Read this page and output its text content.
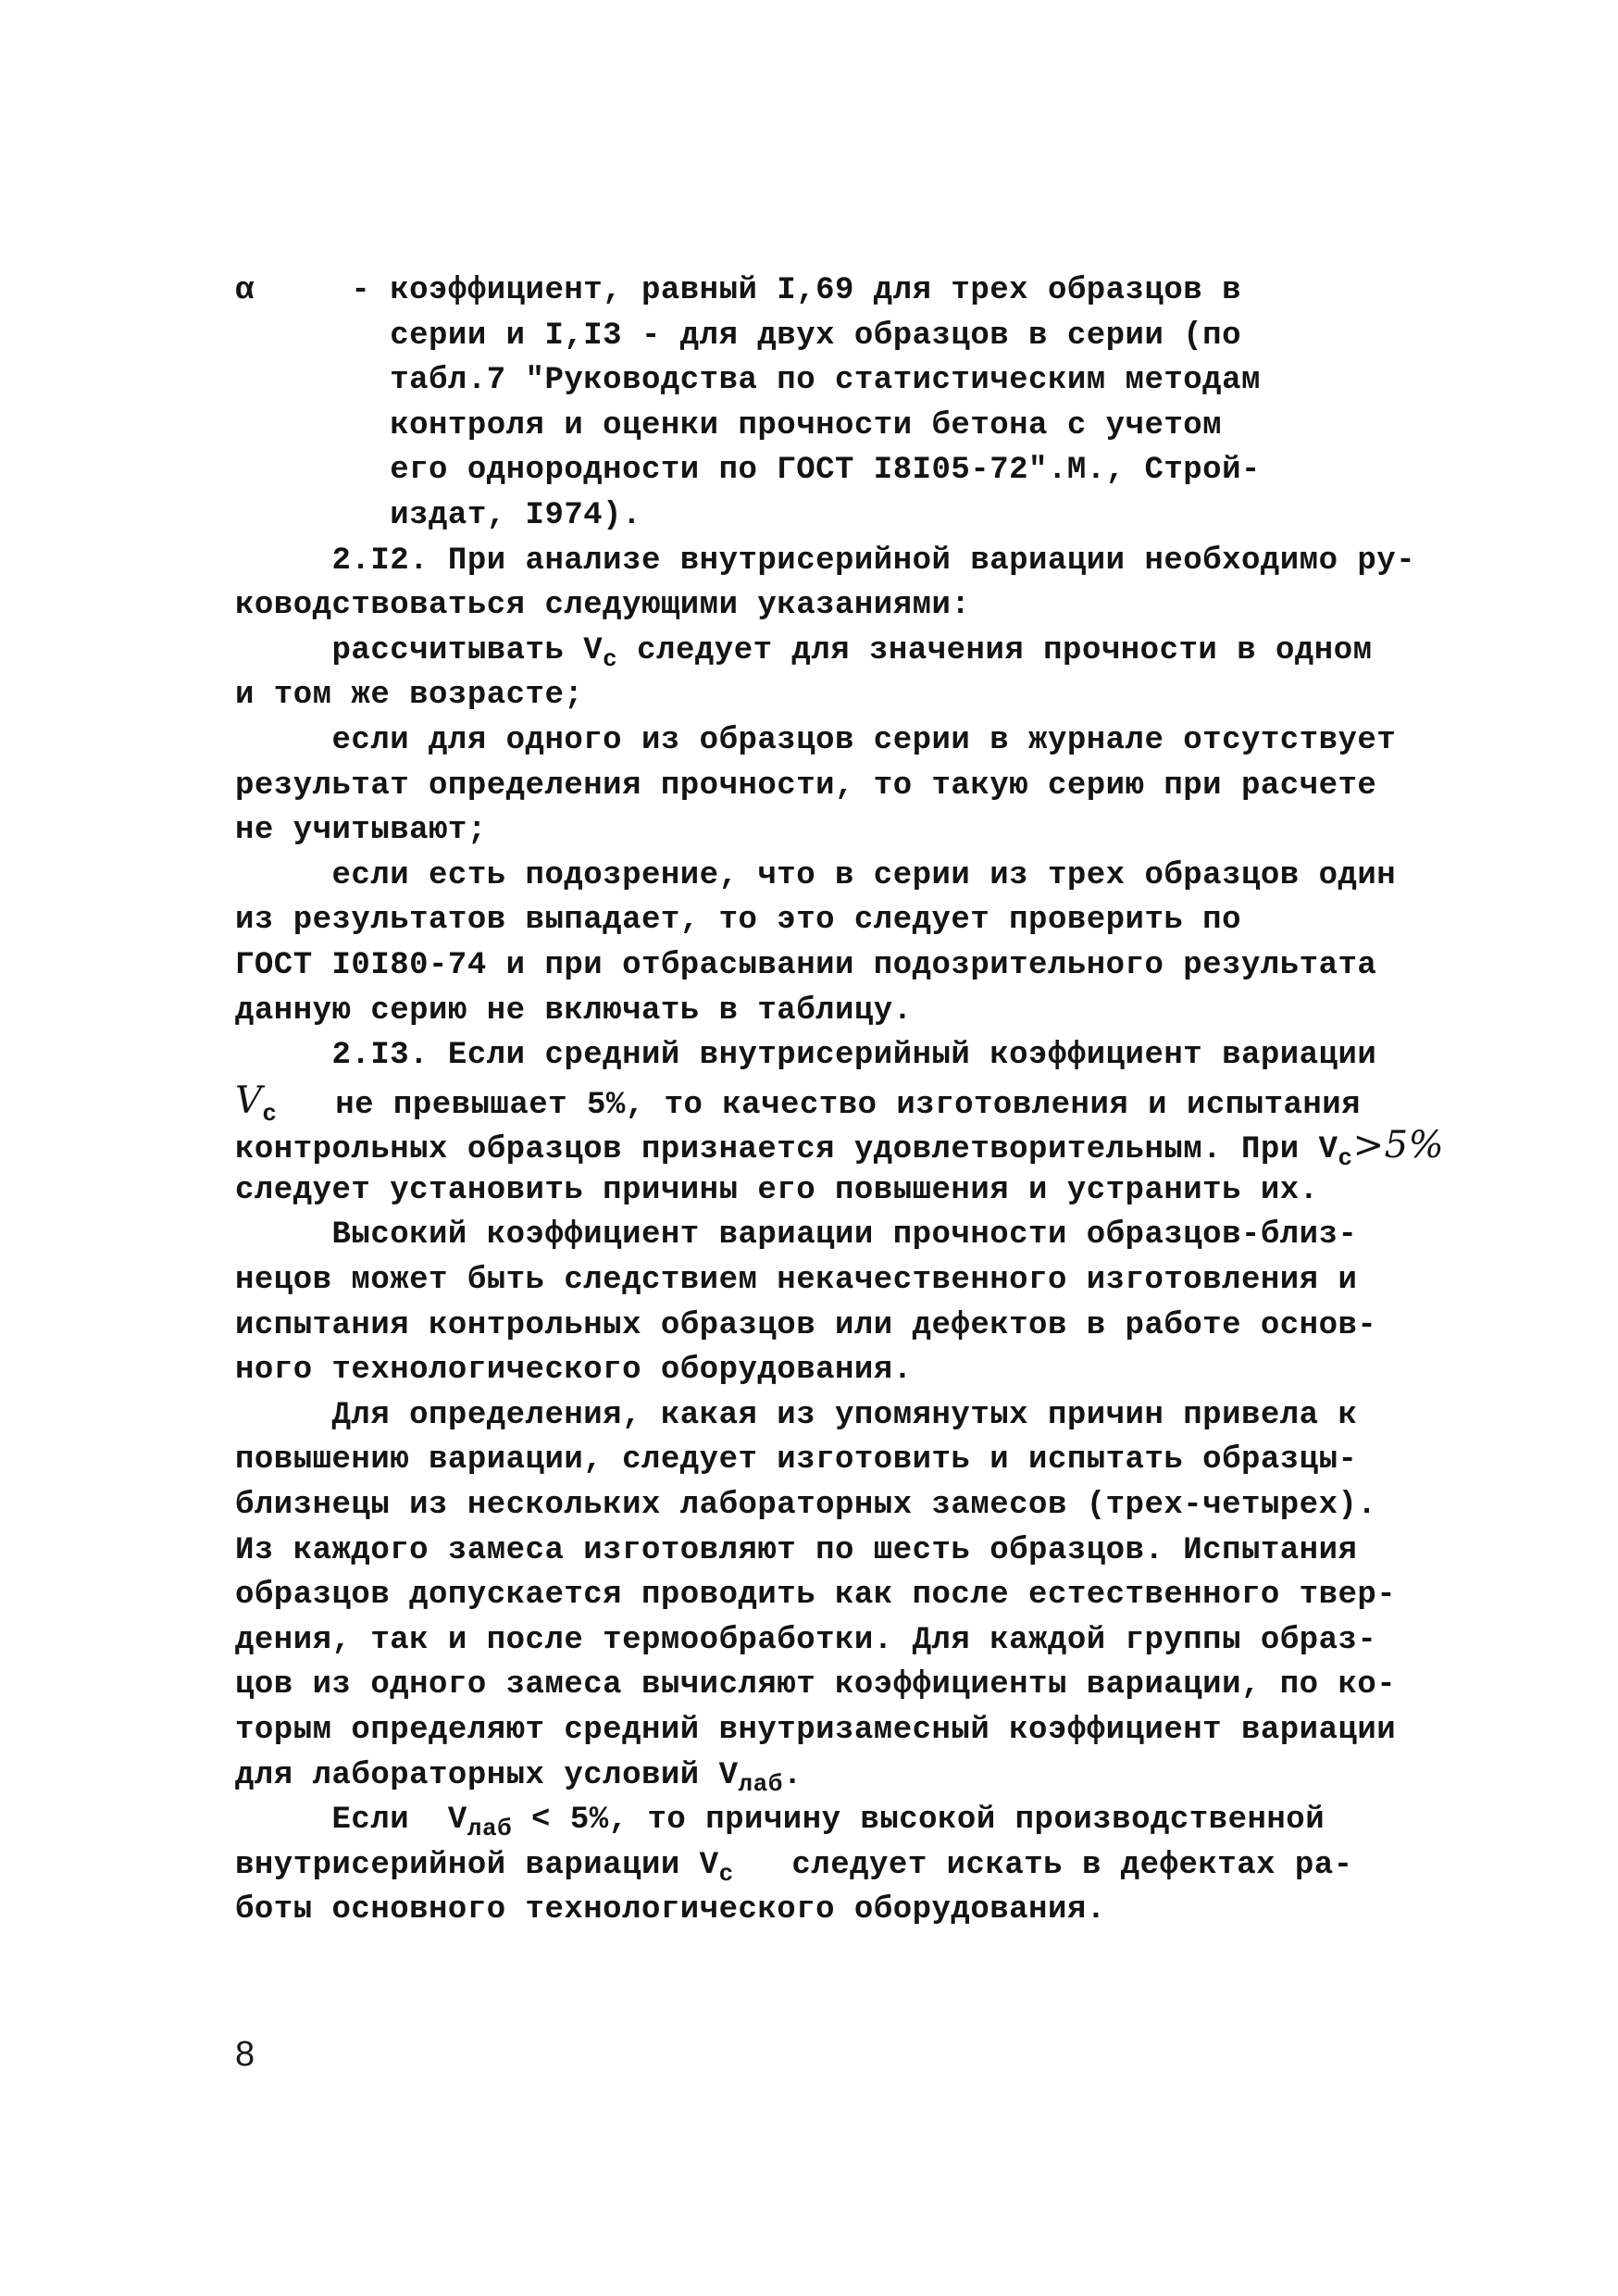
α     - коэффициент, равный I,69 для трех образцов в
серии и I,I3 - для двух образцов в серии (по
табл.7 "Руководства по статистическим методам
контроля и оценки прочности бетона с учетом
его однородности по ГОСТ I8I05-72".М., Строй-
издат, I974).
2.I2. При анализе внутрисерийной вариации необходимо ру-
ководствоваться следующими указаниями:
рассчитывать $V_c$ следует для значения прочности в одном
и том же возрасте;
если для одного из образцов серии в журнале отсутствует
результат определения прочности, то такую серию при расчете
не учитывают;
если есть подозрение, что в серии из трех образцов один
из результатов выпадает, то это следует проверить по
ГОСТ I0I80-74 и при отбрасывании подозрительного результата
данную серию не включать в таблицу.
2.I3. Если средний внутрисерийный коэффициент вариации
$V_c$   не превышает 5%, то качество изготовления и испытания
контрольных образцов признается удовлетворительным. При $V_c>5\%$
следует установить причины его повышения и устранить их.
Высокий коэффициент вариации прочности образцов-близ-
нецов может быть следствием некачественного изготовления и
испытания контрольных образцов или дефектов в работе основ-
ного технологического оборудования.
Для определения, какая из упомянутых причин привела к
повышению вариации, следует изготовить и испытать образцы-
близнецы из нескольких лабораторных замесов (трех-четырех).
Из каждого замеса изготовляют по шесть образцов. Испытания
образцов допускается проводить как после естественного твер-
дения, так и после термообработки. Для каждой группы образ-
цов из одного замеса вычисляют коэффициенты вариации, по ко-
торым определяют средний внутризамесный коэффициент вариации
для лабораторных условий $V_{лаб}$.
Если  $V_{лаб} < 5\%$, то причину высокой производственной
внутрисерийной вариации $V_c$   следует искать в дефектах ра-
боты основного технологического оборудования.
8
